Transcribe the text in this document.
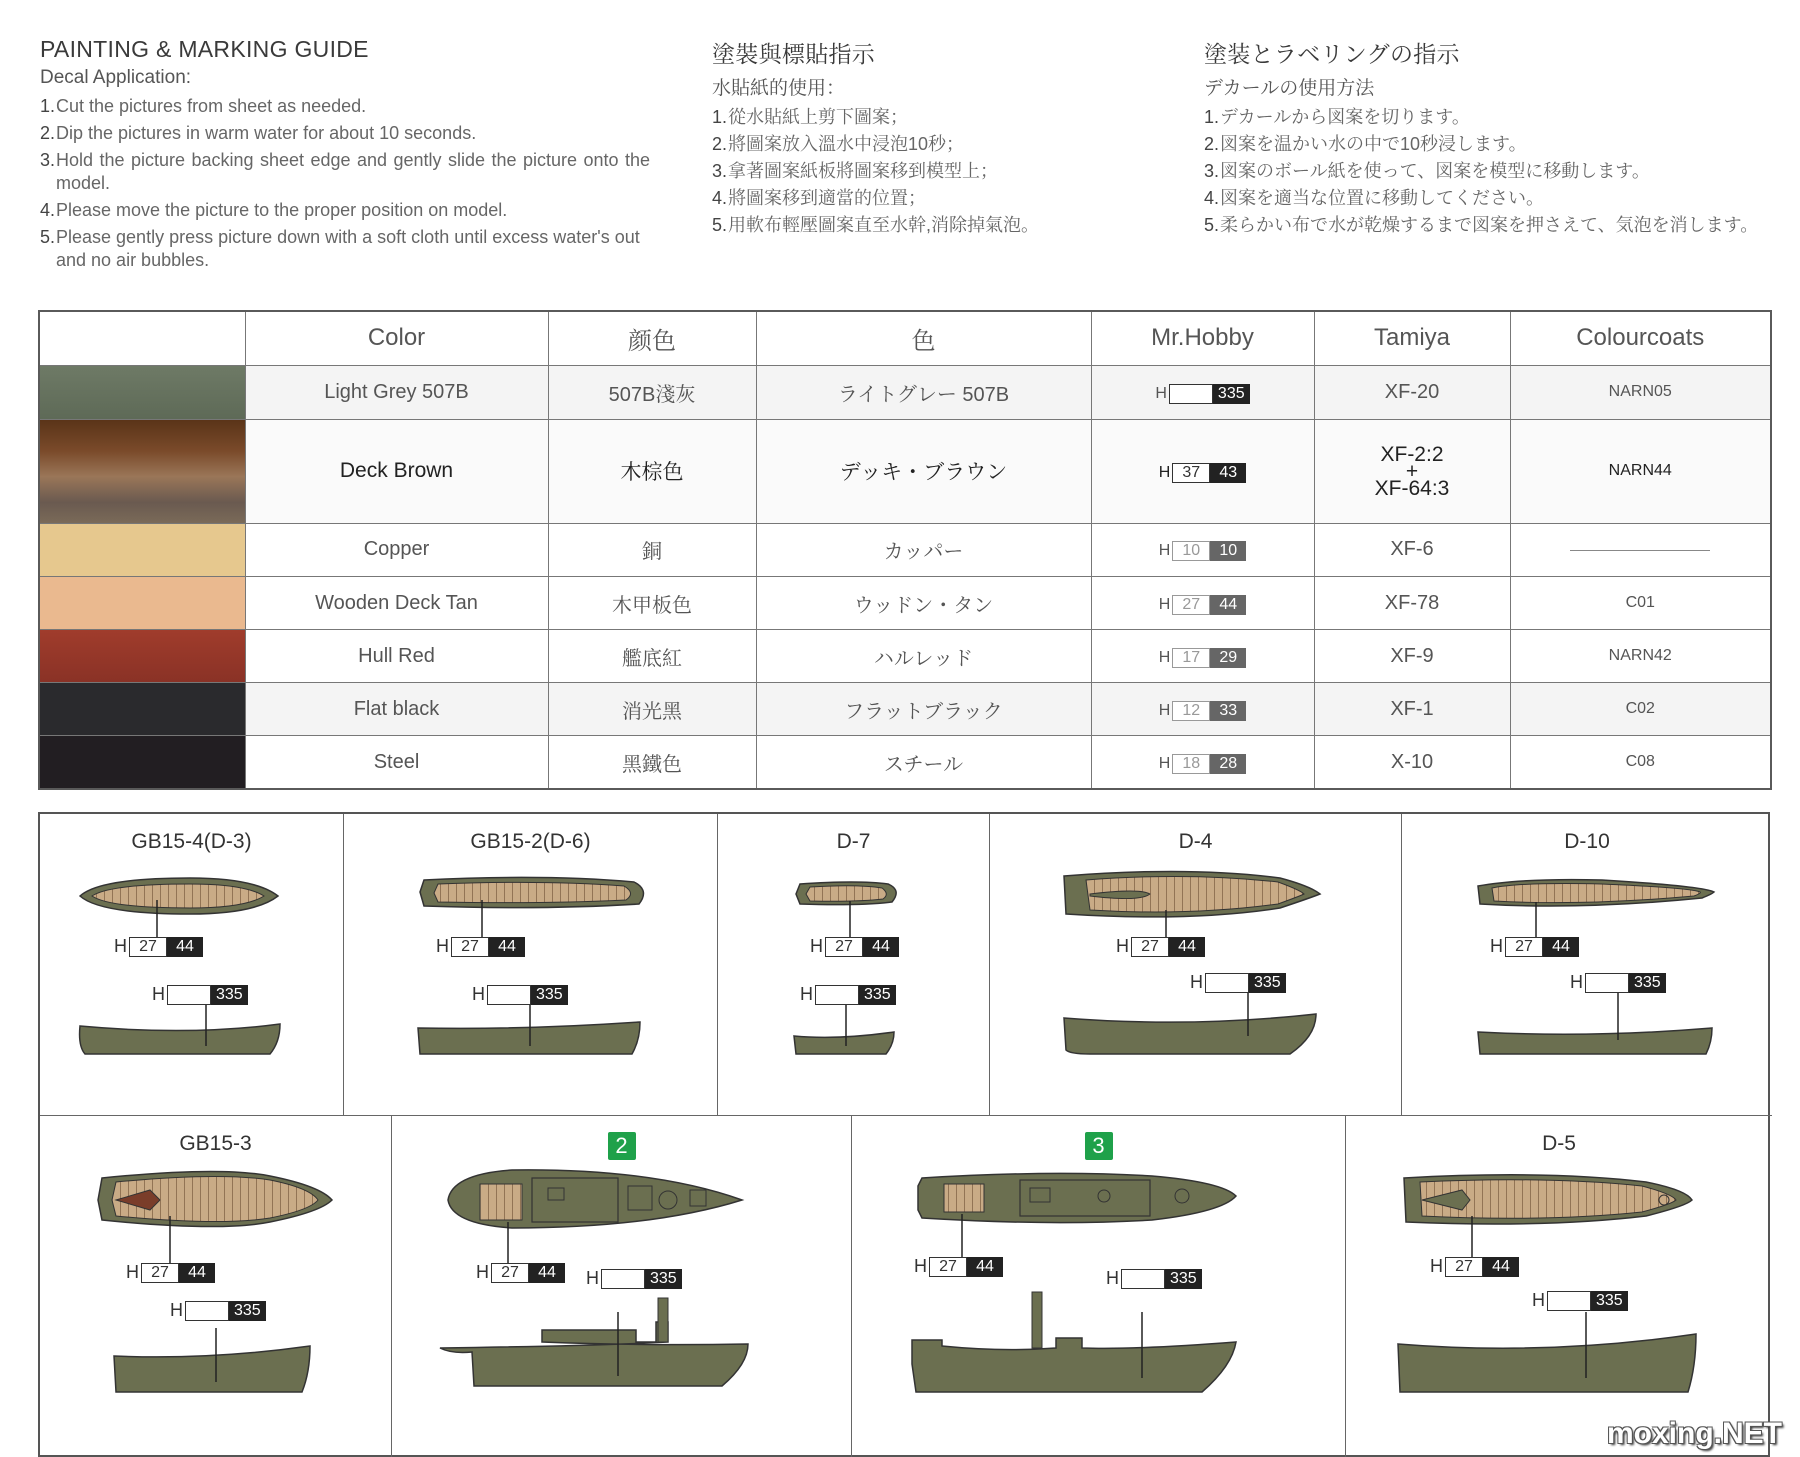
PAINTING & MARKING GUIDE
Decal Application:
1. Cut the pictures from sheet as needed.
2. Dip the pictures in warm water for about 10 seconds.
3. Hold the picture backing sheet edge and gently slide the picture onto the model.
4. Please move the picture to the proper position on model.
5. Please gently press picture down with a soft cloth until excess water's out and no air bubbles.
塗裝與標貼指示
水貼紙的使用：
1. 從水貼紙上剪下圖案；
2. 將圖案放入溫水中浸泡10秒；
3. 拿著圖案紙板將圖案移到模型上；
4. 將圖案移到適當的位置；
5. 用軟布輕壓圖案直至水幹,消除掉氣泡。
塗装とラベリングの指示
デカールの使用方法
1. デカールから図案を切ります。
2. 図案を温かい水の中で10秒浸します。
3. 図案のボール紙を使って、図案を模型に移動します。
4. 図案を適当な位置に移動してください。
5. 柔らかい布で水が乾燥するまで図案を押さえて、気泡を消します。
	Color	颜色	色	Mr.Hobby	Tamiya	Colourcoats

	Light Grey 507B	507B淺灰	ライトグレー 507B	H 335	XF-20	NARN05

	Deck Brown	木棕色	デッキ・ブラウン	H 37 43	XF-2:2
+
XF-64:3	NARN44

	Copper	銅	カッパー	H 10 10	XF-6	

	Wooden Deck Tan	木甲板色	ウッドン・タン	H 27 44	XF-78	C01

	Hull Red	艦底紅	ハルレッド	H 17 29	XF-9	NARN42

	Flat black	消光黑	フラットブラック	H 12 33	XF-1	C02

	Steel	黑鐵色	スチール	H 18 28	X-10	C08
GB15-4(D-3)
H 27	44
H	335
GB15-2(D-6)
H 27	44
H	335
D-7
H 27	44
H	335
D-4
H 27	44
H	335
D-10
H 27	44
H	335
GB15-3
H 27	44
H	335
2
H 27	44	H	335
3
H 27	44
H	335
D-5
H 27	44
H	335
moxing.NET
